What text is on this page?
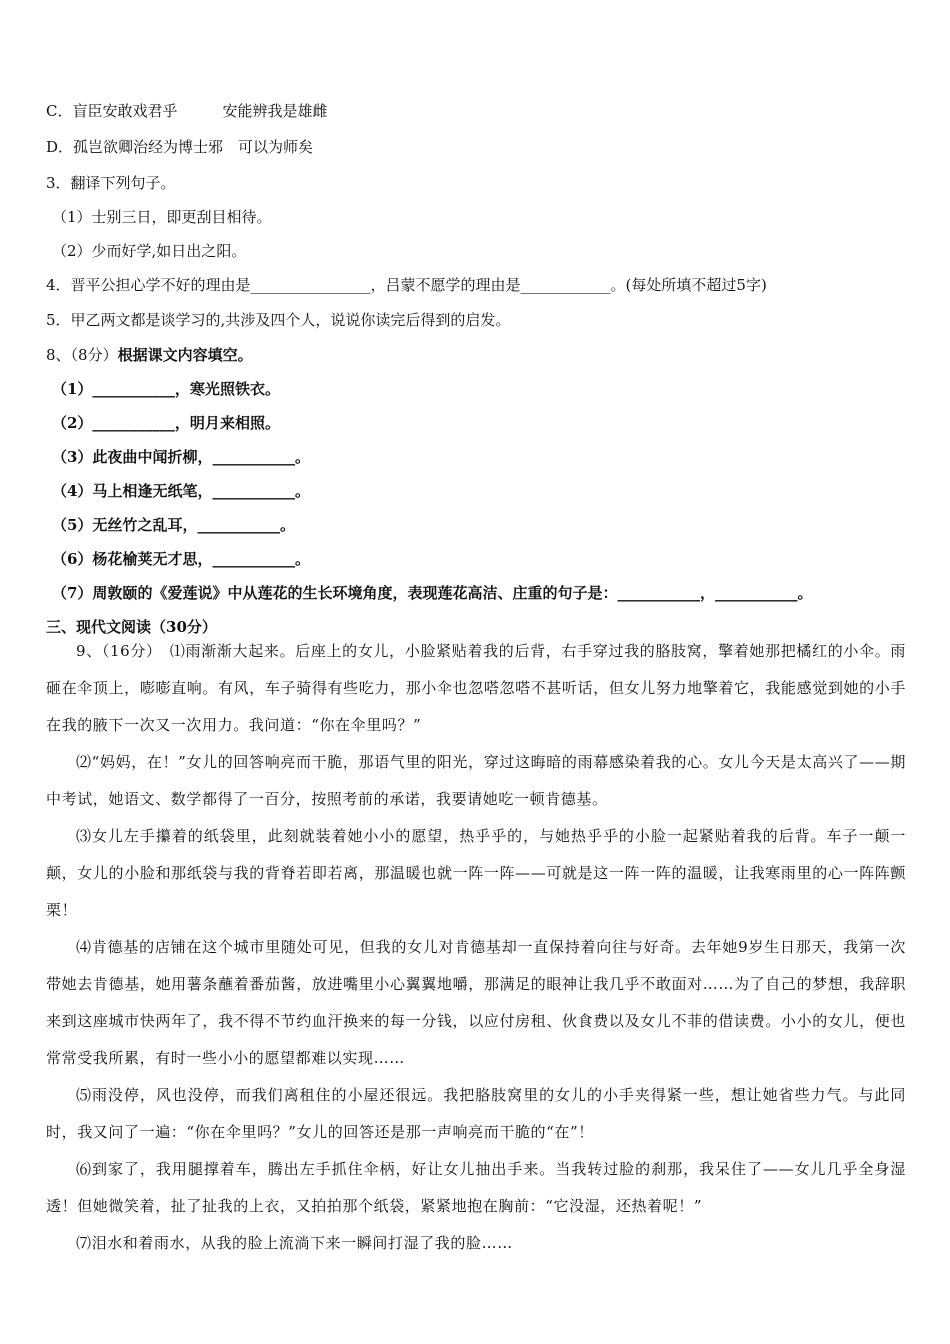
C．盲臣安敢戏君乎　　　安能辨我是雄雌
D．孤岂欲卿治经为博士邪　可以为师矣
3．翻译下列句子。
（1）士别三日，即更刮目相待。
（2）少而好学,如日出之阳。
4．晋平公担心学不好的理由是________________，吕蒙不愿学的理由是____________。(每处所填不超过5字)
5．甲乙两文都是谈学习的,共涉及四个人，说说你读完后得到的启发。
8、（8分）根据课文内容填空。
（1）___________，寒光照铁衣。
（2）___________，明月来相照。
（3）此夜曲中闻折柳，___________。
（4）马上相逢无纸笔，___________。
（5）无丝竹之乱耳，___________。
（6）杨花榆荚无才思，___________。
（7）周敦颐的《爱莲说》中从莲花的生长环境角度，表现莲花高洁、庄重的句子是：___________，___________。
三、现代文阅读（30分）
9、（16分）　⑴雨渐渐大起来。后座上的女儿，小脸紧贴着我的后背，右手穿过我的胳肢窝，擎着她那把橘红的小伞。雨砸在伞顶上，嘭嘭直响。有风，车子骑得有些吃力，那小伞也忽嗒忽嗒不甚听话，但女儿努力地擎着它，我能感觉到她的小手在我的腋下一次又一次用力。我问道：“你在伞里吗？”
⑵“妈妈，在！”女儿的回答响亮而干脆，那语气里的阳光，穿过这晦暗的雨幕感染着我的心。女儿今天是太高兴了——期中考试，她语文、数学都得了一百分，按照考前的承诺，我要请她吃一顿肯德基。
⑶女儿左手攥着的纸袋里，此刻就装着她小小的愿望，热乎乎的，与她热乎乎的小脸一起紧贴着我的后背。车子一颠一颠，女儿的小脸和那纸袋与我的背脊若即若离，那温暖也就一阵一阵——可就是这一阵一阵的温暖，让我寒雨里的心一阵阵颤栗！
⑷肯德基的店铺在这个城市里随处可见，但我的女儿对肯德基却一直保持着向往与好奇。去年她9岁生日那天，我第一次带她去肯德基，她用薯条蘸着番茄酱，放进嘴里小心翼翼地嚼，那满足的眼神让我几乎不敢面对……为了自己的梦想，我辞职来到这座城市快两年了，我不得不节约血汗换来的每一分钱，以应付房租、伙食费以及女儿不菲的借读费。小小的女儿，便也常常受我所累，有时一些小小的愿望都难以实现……
⑸雨没停，风也没停，而我们离租住的小屋还很远。我把胳肢窝里的女儿的小手夹得紧一些，想让她省些力气。与此同时，我又问了一遍：“你在伞里吗？”女儿的回答还是那一声响亮而干脆的“在”！
⑹到家了，我用腿撑着车，腾出左手抓住伞柄，好让女儿抽出手来。当我转过脸的刹那，我呆住了——女儿几乎全身湿透！但她微笑着，扯了扯我的上衣，又拍拍那个纸袋，紧紧地抱在胸前：“它没湿，还热着呢！”
⑺泪水和着雨水，从我的脸上流淌下来一瞬间打湿了我的脸……
